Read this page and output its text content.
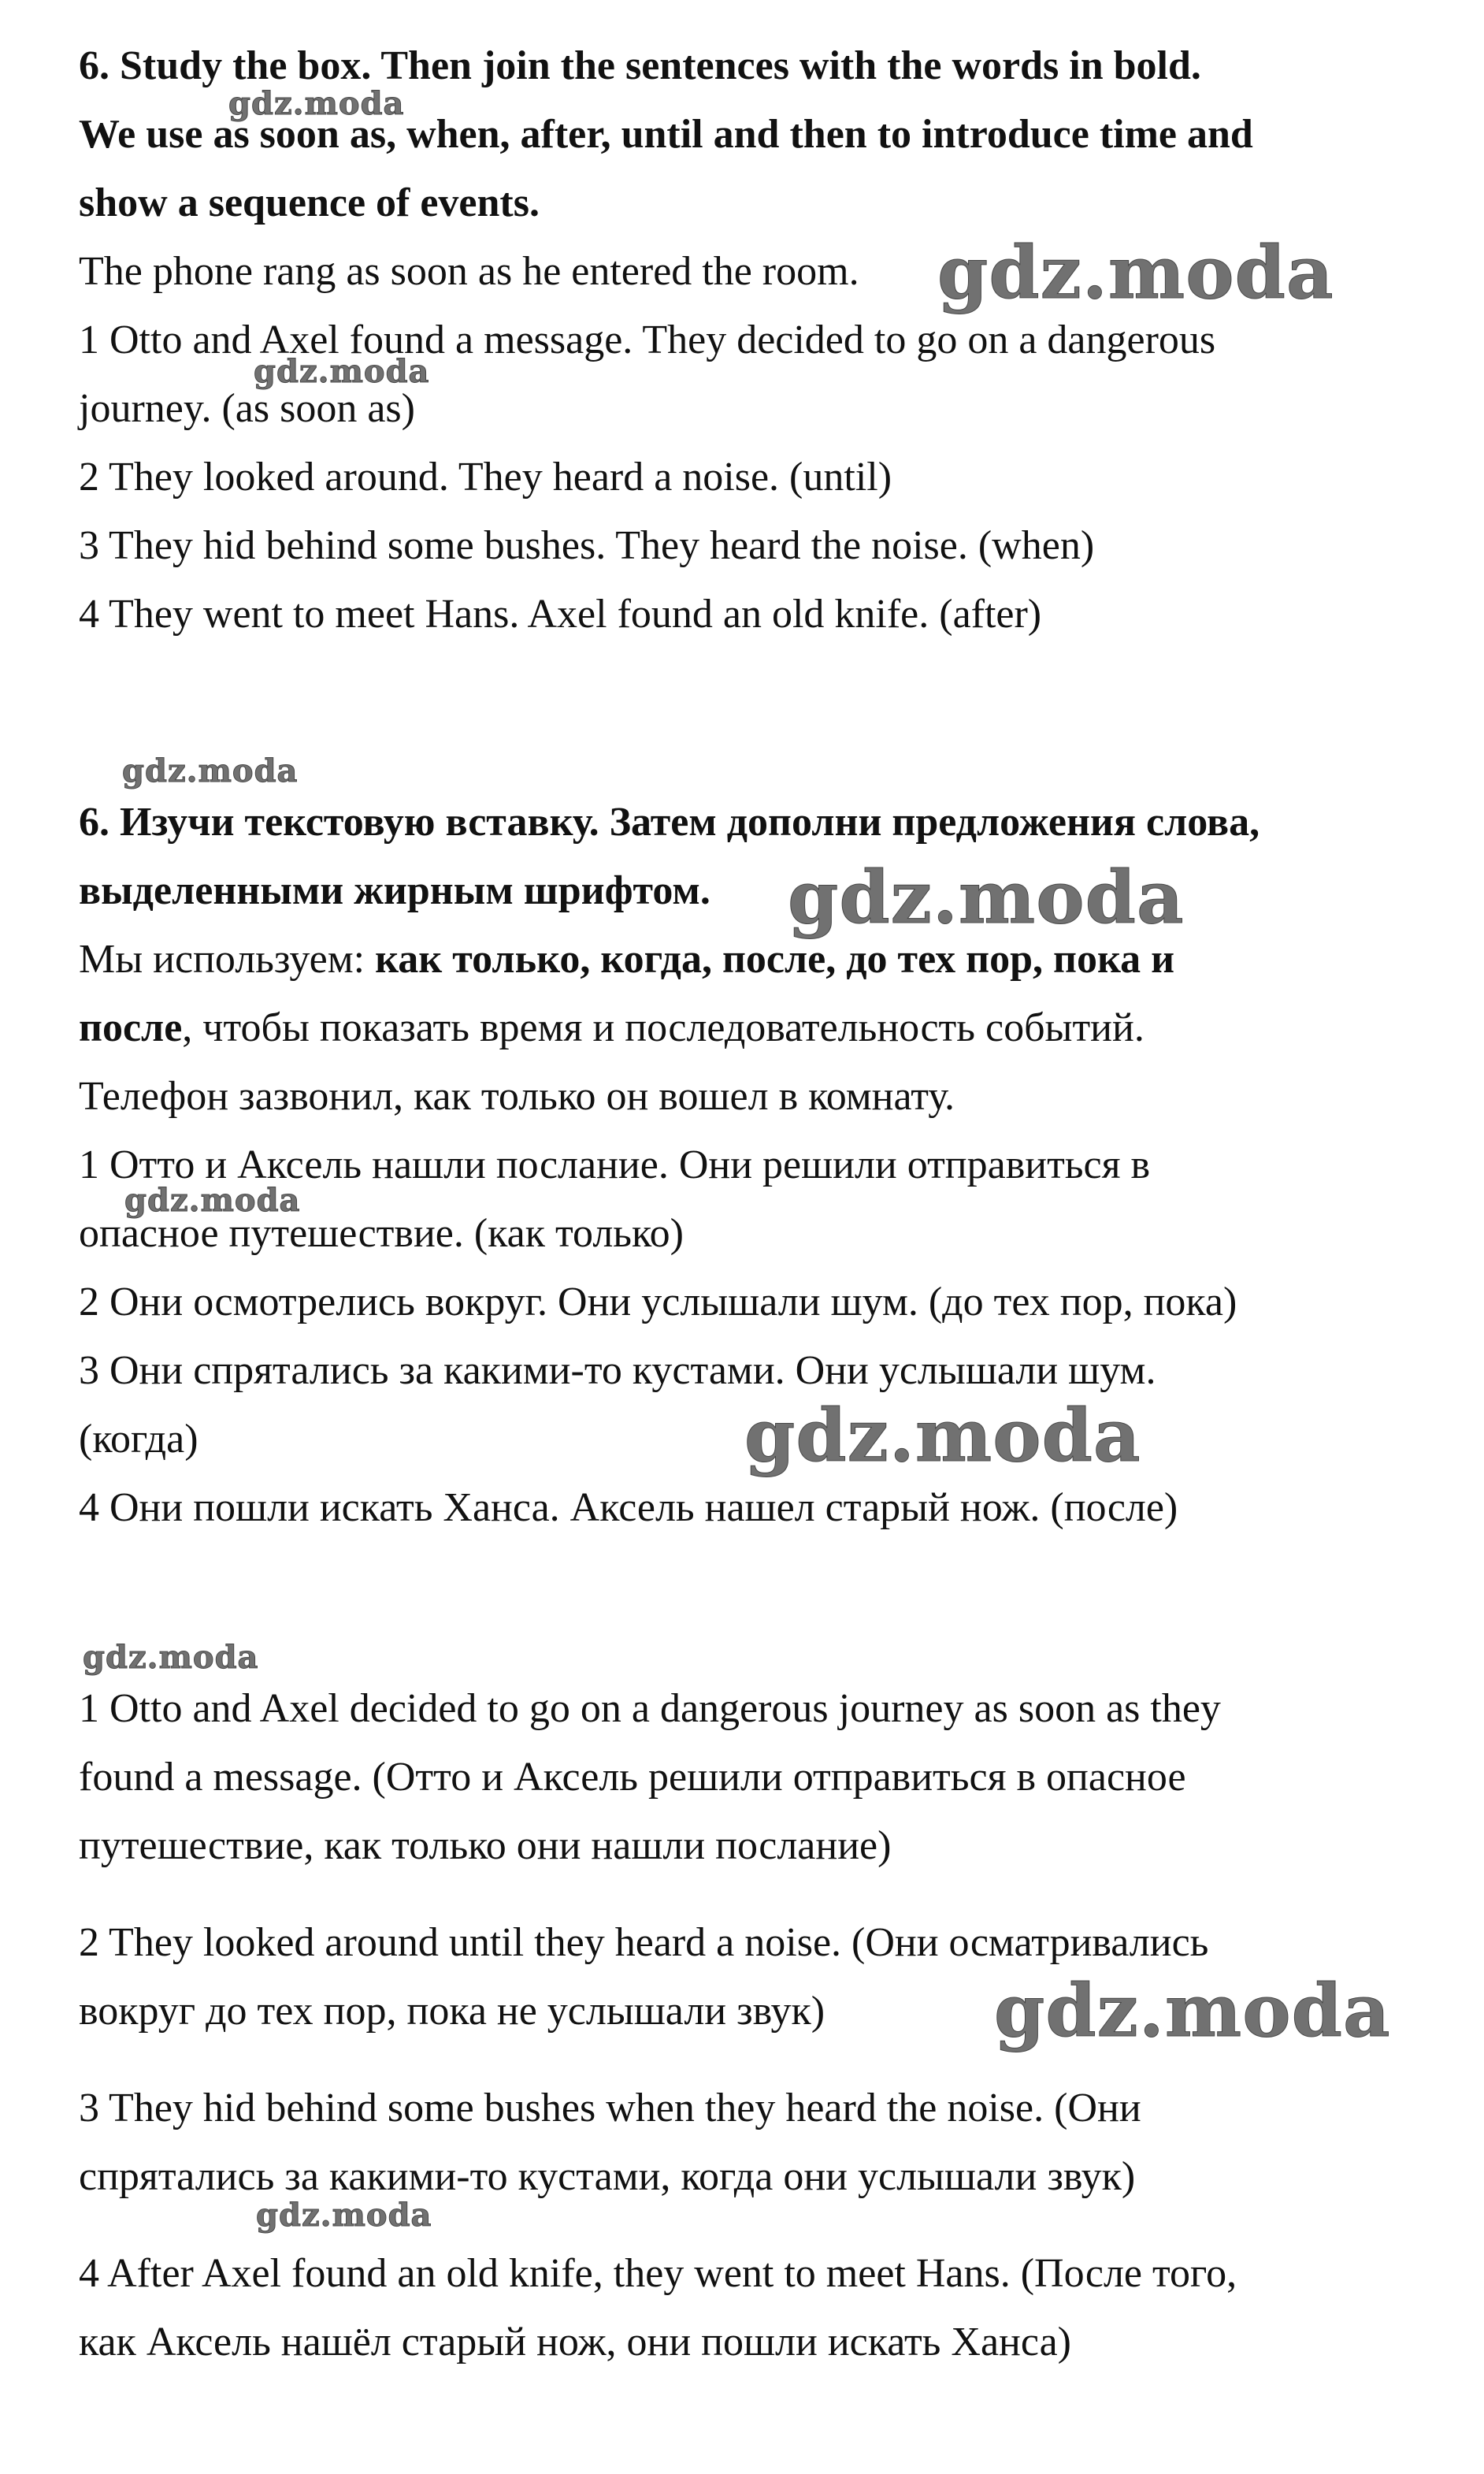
6. Study the box. Then join the sentences with the words in bold.

We use as soon as, when, after, until and then to introduce time and

show a sequence of events.

The phone rang as soon as he entered the room.

1 Otto and Axel found a message. They decided to go on a dangerous

journey. (as soon as)

2 They looked around. They heard a noise. (until)

3 They hid behind some bushes. They heard the noise. (when)

4 They went to meet Hans. Axel found an old knife. (after)

6. Изучи текстовую вставку. Затем дополни предложения слова,

выделенными жирным шрифтом.

Мы используем: как только, когда, после, до тех пор, пока и

после, чтобы показать время и последовательность событий.

Телефон зазвонил, как только он вошел в комнату.

1 Отто и Аксель нашли послание. Они решили отправиться в

опасное путешествие. (как только)

2 Они осмотрелись вокруг. Они услышали шум. (до тех пор, пока)

3 Они спрятались за какими-то кустами. Они услышали шум.

(когда)

4 Они пошли искать Ханса. Аксель нашел старый нож. (после)

1 Otto and Axel decided to go on a dangerous journey as soon as they

found a message. (Отто и Аксель решили отправиться в опасное

путешествие, как только они нашли послание)

2 They looked around until they heard a noise. (Они осматривались

вокруг до тех пор, пока не услышали звук)

3 They hid behind some bushes when they heard the noise. (Они

спрятались за какими-то кустами, когда они услышали звук)

4 After Axel found an old knife, they went to meet Hans. (После того,

как Аксель нашёл старый нож, они пошли искать Ханса)

gdz.moda
gdz.moda
gdz.moda
gdz.moda
gdz.moda
gdz.moda
gdz.moda
gdz.moda
gdz.moda
gdz.moda
